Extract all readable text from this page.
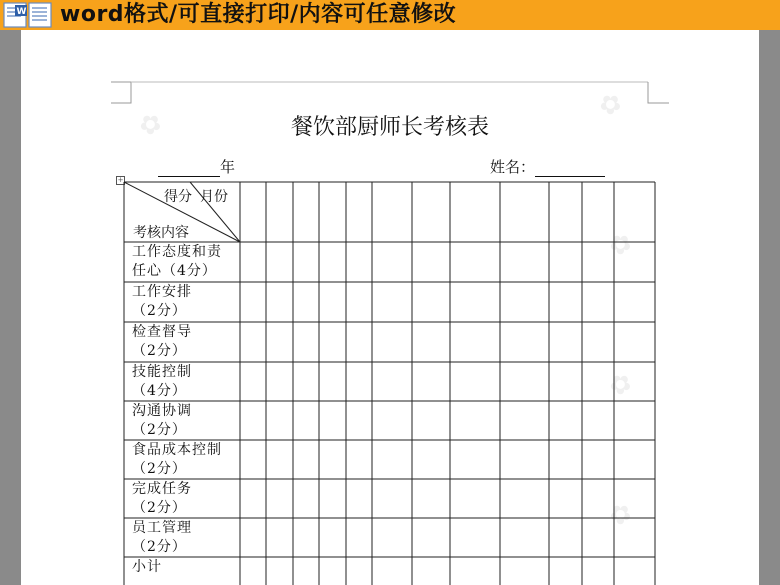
W word格式/可直接打印/内容可任意修改
✿
✿
✿
✿
✿
餐饮部厨师长考核表
年	姓名：
+
得分 月份
考核内容
工作态度和责
任心（4分）
工作安排
（2分）
检查督导
（2分）
技能控制
（4分）
沟通协调
（2分）
食品成本控制
（2分）
完成任务
（2分）
员工管理
（2分）
小计
